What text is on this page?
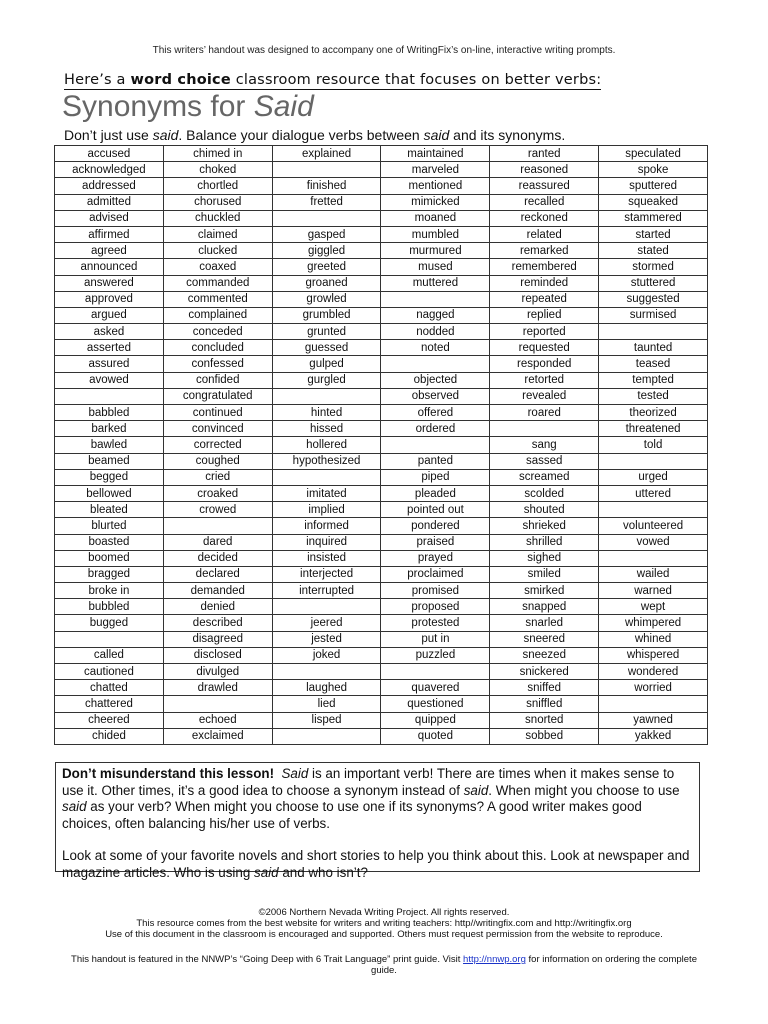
This writers’ handout was designed to accompany one of WritingFix’s on-line, interactive writing prompts.
Here’s a word choice classroom resource that focuses on better verbs:
Synonyms for Said
Don’t just use said. Balance your dialogue verbs between said and its synonyms.
accused	chimed in	explained	maintained	ranted	speculated
acknowledged	choked		marveled	reasoned	spoke
addressed	chortled	finished	mentioned	reassured	sputtered
admitted	chorused	fretted	mimicked	recalled	squeaked
advised	chuckled		moaned	reckoned	stammered
affirmed	claimed	gasped	mumbled	related	started
agreed	clucked	giggled	murmured	remarked	stated
announced	coaxed	greeted	mused	remembered	stormed
answered	commanded	groaned	muttered	reminded	stuttered
approved	commented	growled		repeated	suggested
argued	complained	grumbled	nagged	replied	surmised
asked	conceded	grunted	nodded	reported	
asserted	concluded	guessed	noted	requested	taunted
assured	confessed	gulped		responded	teased
avowed	confided	gurgled	objected	retorted	tempted
	congratulated		observed	revealed	tested
babbled	continued	hinted	offered	roared	theorized
barked	convinced	hissed	ordered		threatened
bawled	corrected	hollered		sang	told
beamed	coughed	hypothesized	panted	sassed	
begged	cried		piped	screamed	urged
bellowed	croaked	imitated	pleaded	scolded	uttered
bleated	crowed	implied	pointed out	shouted	
blurted		informed	pondered	shrieked	volunteered
boasted	dared	inquired	praised	shrilled	vowed
boomed	decided	insisted	prayed	sighed	
bragged	declared	interjected	proclaimed	smiled	wailed
broke in	demanded	interrupted	promised	smirked	warned
bubbled	denied		proposed	snapped	wept
bugged	described	jeered	protested	snarled	whimpered
	disagreed	jested	put in	sneered	whined
called	disclosed	joked	puzzled	sneezed	whispered
cautioned	divulged			snickered	wondered
chatted	drawled	laughed	quavered	sniffed	worried
chattered		lied	questioned	sniffled	
cheered	echoed	lisped	quipped	snorted	yawned
chided	exclaimed		quoted	sobbed	yakked

Don’t misunderstand this lesson! Said is an important verb! There are times when it makes sense to use it. Other times, it’s a good idea to choose a synonym instead of said. When might you choose to use said as your verb? When might you choose to use one if its synonyms? A good writer makes good choices, often balancing his/her use of verbs.

Look at some of your favorite novels and short stories to help you think about this. Look at newspaper and magazine articles. Who is using said and who isn’t?

©2006 Northern Nevada Writing Project. All rights reserved.
This resource comes from the best website for writers and writing teachers: http//writingfix.com and http://writingfix.org
Use of this document in the classroom is encouraged and supported. Others must request permission from the website to reproduce.
This handout is featured in the NNWP’s “Going Deep with 6 Trait Language” print guide. Visit http://nnwp.org for information on ordering the complete guide.
